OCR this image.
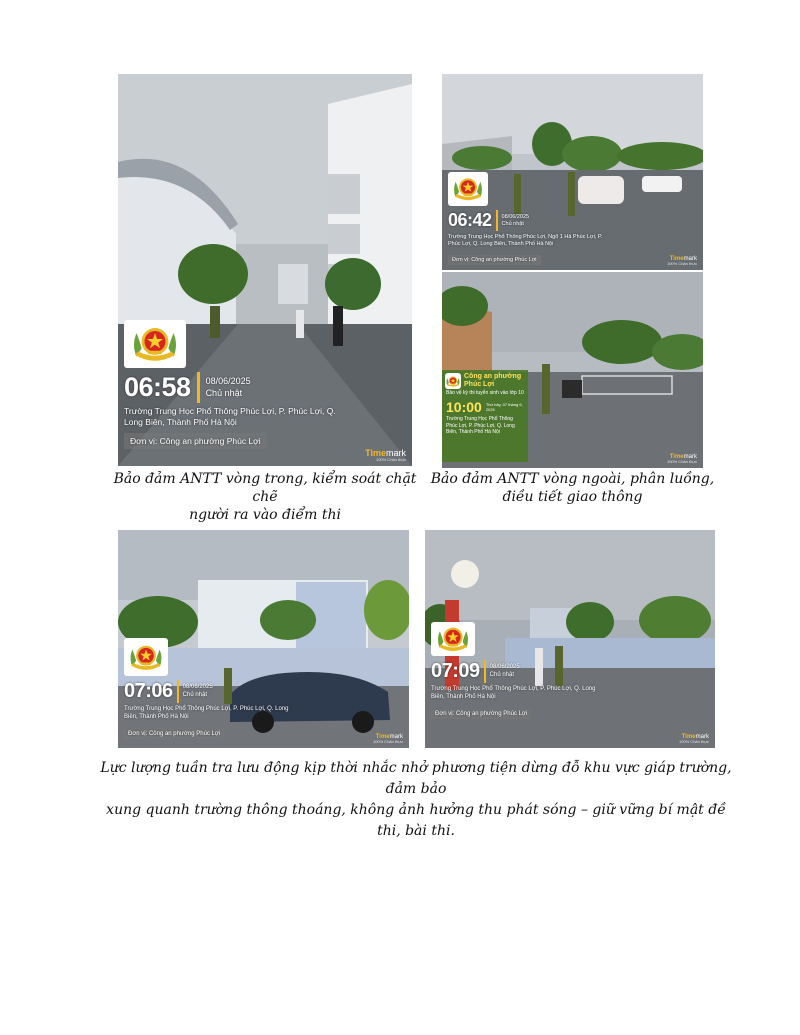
06:58 08/06/2025
Chủ nhật
Trường Trung Học Phổ Thông Phúc Lợi, P. Phúc Lợi, Q. Long Biên, Thành Phố Hà Nội
Đơn vị: Công an phường Phúc Lợi
Timemark
100% Chân thực
06:42 08/06/2025
Chủ nhật
Trường Trung Học Phổ Thông Phúc Lợi, Ngõ 1 Hà Phúc Lợi, P. Phúc Lợi, Q. Long Biên, Thành Phố Hà Nội
Đơn vị: Công an phường Phúc Lợi	Timemark
100% Chân thực
Công an phường Phúc Lợi
Bảo vệ kỳ thi tuyển sinh vào lớp 10
10:00 Thứ bảy, 07 tháng 6, 2025
Trường Trung Học Phổ Thông Phúc Lợi, P. Phúc Lợi, Q. Long Biên, Thành Phố Hà Nội
Timemark
100% Chân thực
Bảo đảm ANTT vòng trong, kiểm soát chặt chẽ
người ra vào điểm thi
Bảo đảm ANTT vòng ngoài, phân luồng,
điều tiết giao thông
07:06 08/06/2025
Chủ nhật
Trường Trung Học Phổ Thông Phúc Lợi, P. Phúc Lợi, Q. Long Biên, Thành Phố Hà Nội
Đơn vị: Công an phường Phúc Lợi
Timemark
100% Chân thực
07:09 08/06/2025
Chủ nhật
Trường Trung Học Phổ Thông Phúc Lợi, P. Phúc Lợi, Q. Long Biên, Thành Phố Hà Nội
Đơn vị: Công an phường Phúc Lợi
Timemark
100% Chân thực
Lực lượng tuần tra lưu động kịp thời nhắc nhở phương tiện dừng đỗ khu vực giáp trường, đảm bảo
xung quanh trường thông thoáng, không ảnh hưởng thu phát sóng – giữ vững bí mật đề thi, bài thi.
